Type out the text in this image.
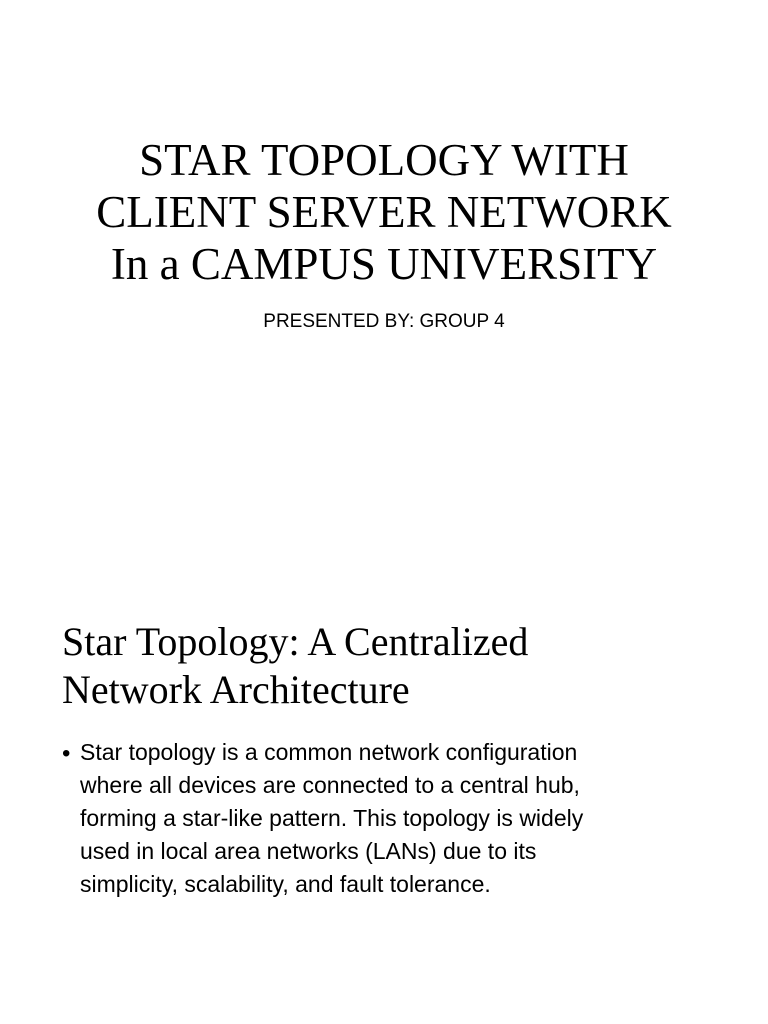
STAR TOPOLOGY WITH
CLIENT SERVER NETWORK
In a CAMPUS UNIVERSITY

PRESENTED BY: GROUP 4

Star Topology: A Centralized
Network Architecture
• Star topology is a common network configuration
where all devices are connected to a central hub,
forming a star-like pattern. This topology is widely
used in local area networks (LANs) due to its
simplicity, scalability, and fault tolerance.
